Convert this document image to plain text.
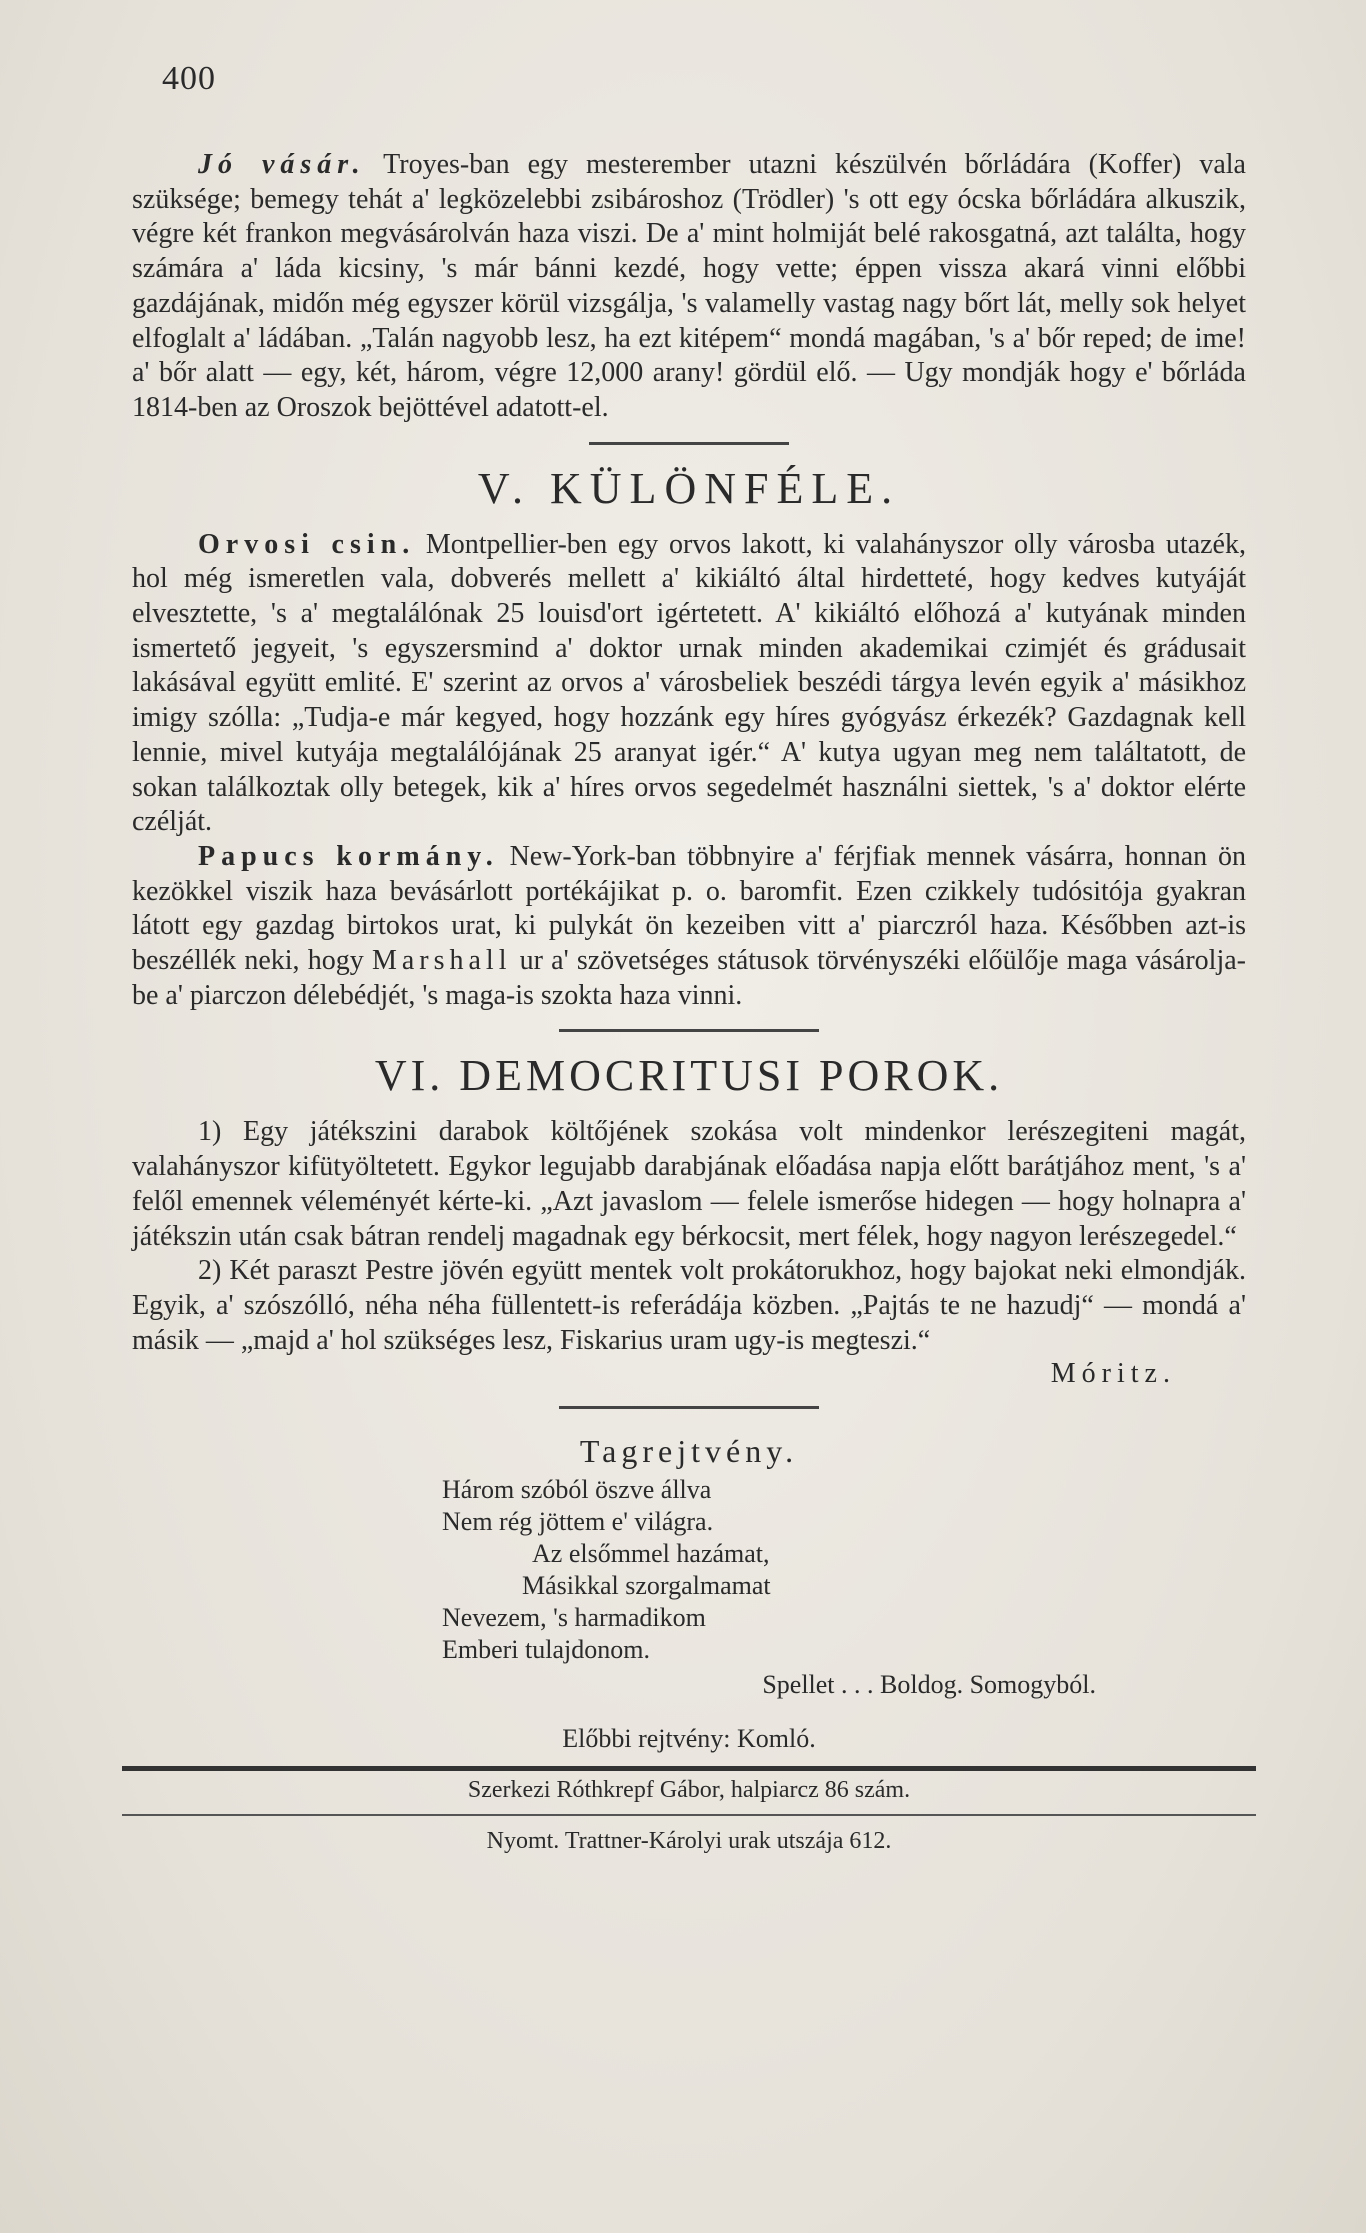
400

Jó vásár. Troyes-ban egy mesterember utazni készülvén bőrládára (Koffer) vala szüksége; bemegy tehát a' legközelebbi zsibároshoz (Trödler) 's ott egy ócska bőrládára alkuszik, végre két frankon megvásárolván haza viszi. De a' mint holmiját belé rakosgatná, azt találta, hogy számára a' láda kicsiny, 's már bánni kezdé, hogy vette; éppen vissza akará vinni előbbi gazdájának, midőn még egyszer körül vizsgálja, 's valamelly vastag nagy bőrt lát, melly sok helyet elfoglalt a' ládában. „Talán nagyobb lesz, ha ezt kitépem“ mondá magában, 's a' bőr reped; de ime! a' bőr alatt — egy, két, három, végre 12,000 arany! gördül elő. — Ugy mondják hogy e' bőrláda 1814-ben az Oroszok bejöttével adatott-el.

V. KÜLÖNFÉLE.

Orvosi csin. Montpellier-ben egy orvos lakott, ki valahányszor olly városba utazék, hol még ismeretlen vala, dobverés mellett a' kikiáltó által hirdetteté, hogy kedves kutyáját elvesztette, 's a' megtalálónak 25 louisd'ort igértetett. A' kikiáltó előhozá a' kutyának minden ismertető jegyeit, 's egyszersmind a' doktor urnak minden akademikai czimjét és grádusait lakásával együtt emlité. E' szerint az orvos a' városbeliek beszédi tárgya levén egyik a' másikhoz imigy szólla: „Tudja-e már kegyed, hogy hozzánk egy híres gyógyász érkezék? Gazdagnak kell lennie, mivel kutyája megtalálójának 25 aranyat igér.“ A' kutya ugyan meg nem találtatott, de sokan találkoztak olly betegek, kik a' híres orvos segedelmét használni siettek, 's a' doktor elérte czélját.

Papucs kormány. New-York-ban többnyire a' férjfiak mennek vásárra, honnan ön kezökkel viszik haza bevásárlott portékájikat p. o. baromfit. Ezen czikkely tudósitója gyakran látott egy gazdag birtokos urat, ki pulykát ön kezeiben vitt a' piarczról haza. Későbben azt-is beszéllék neki, hogy Marshall ur a' szövetséges státusok törvényszéki előülője maga vásárolja-be a' piarczon délebédjét, 's maga-is szokta haza vinni.

VI. DEMOCRITUSI POROK.

1) Egy játékszini darabok költőjének szokása volt mindenkor lerészegiteni magát, valahányszor kifütyöltetett. Egykor legujabb darabjának előadása napja előtt barátjához ment, 's a' felől emennek véleményét kérte-ki. „Azt javaslom — felele ismerőse hidegen — hogy holnapra a' játékszin után csak bátran rendelj magadnak egy bérkocsit, mert félek, hogy nagyon lerészegedel.“

2) Két paraszt Pestre jövén együtt mentek volt prokátorukhoz, hogy bajokat neki elmondják. Egyik, a' szószólló, néha néha füllentett-is referádája közben. „Pajtás te ne hazudj“ — mondá a' másik — „majd a' hol szükséges lesz, Fiskarius uram ugy-is megteszi.“

Móritz.
Tagrejtvény.
Három szóból öszve állva
Nem rég jöttem e' világra.
Az elsőmmel hazámat,
Másikkal szorgalmamat
Nevezem, 's harmadikom
Emberi tulajdonom.
Spellet . . . Boldog. Somogyból.
Előbbi rejtvény: Komló.
Szerkezi Róthkrepf Gábor, halpiarcz 86 szám.
Nyomt. Trattner-Károlyi urak utszája 612.
